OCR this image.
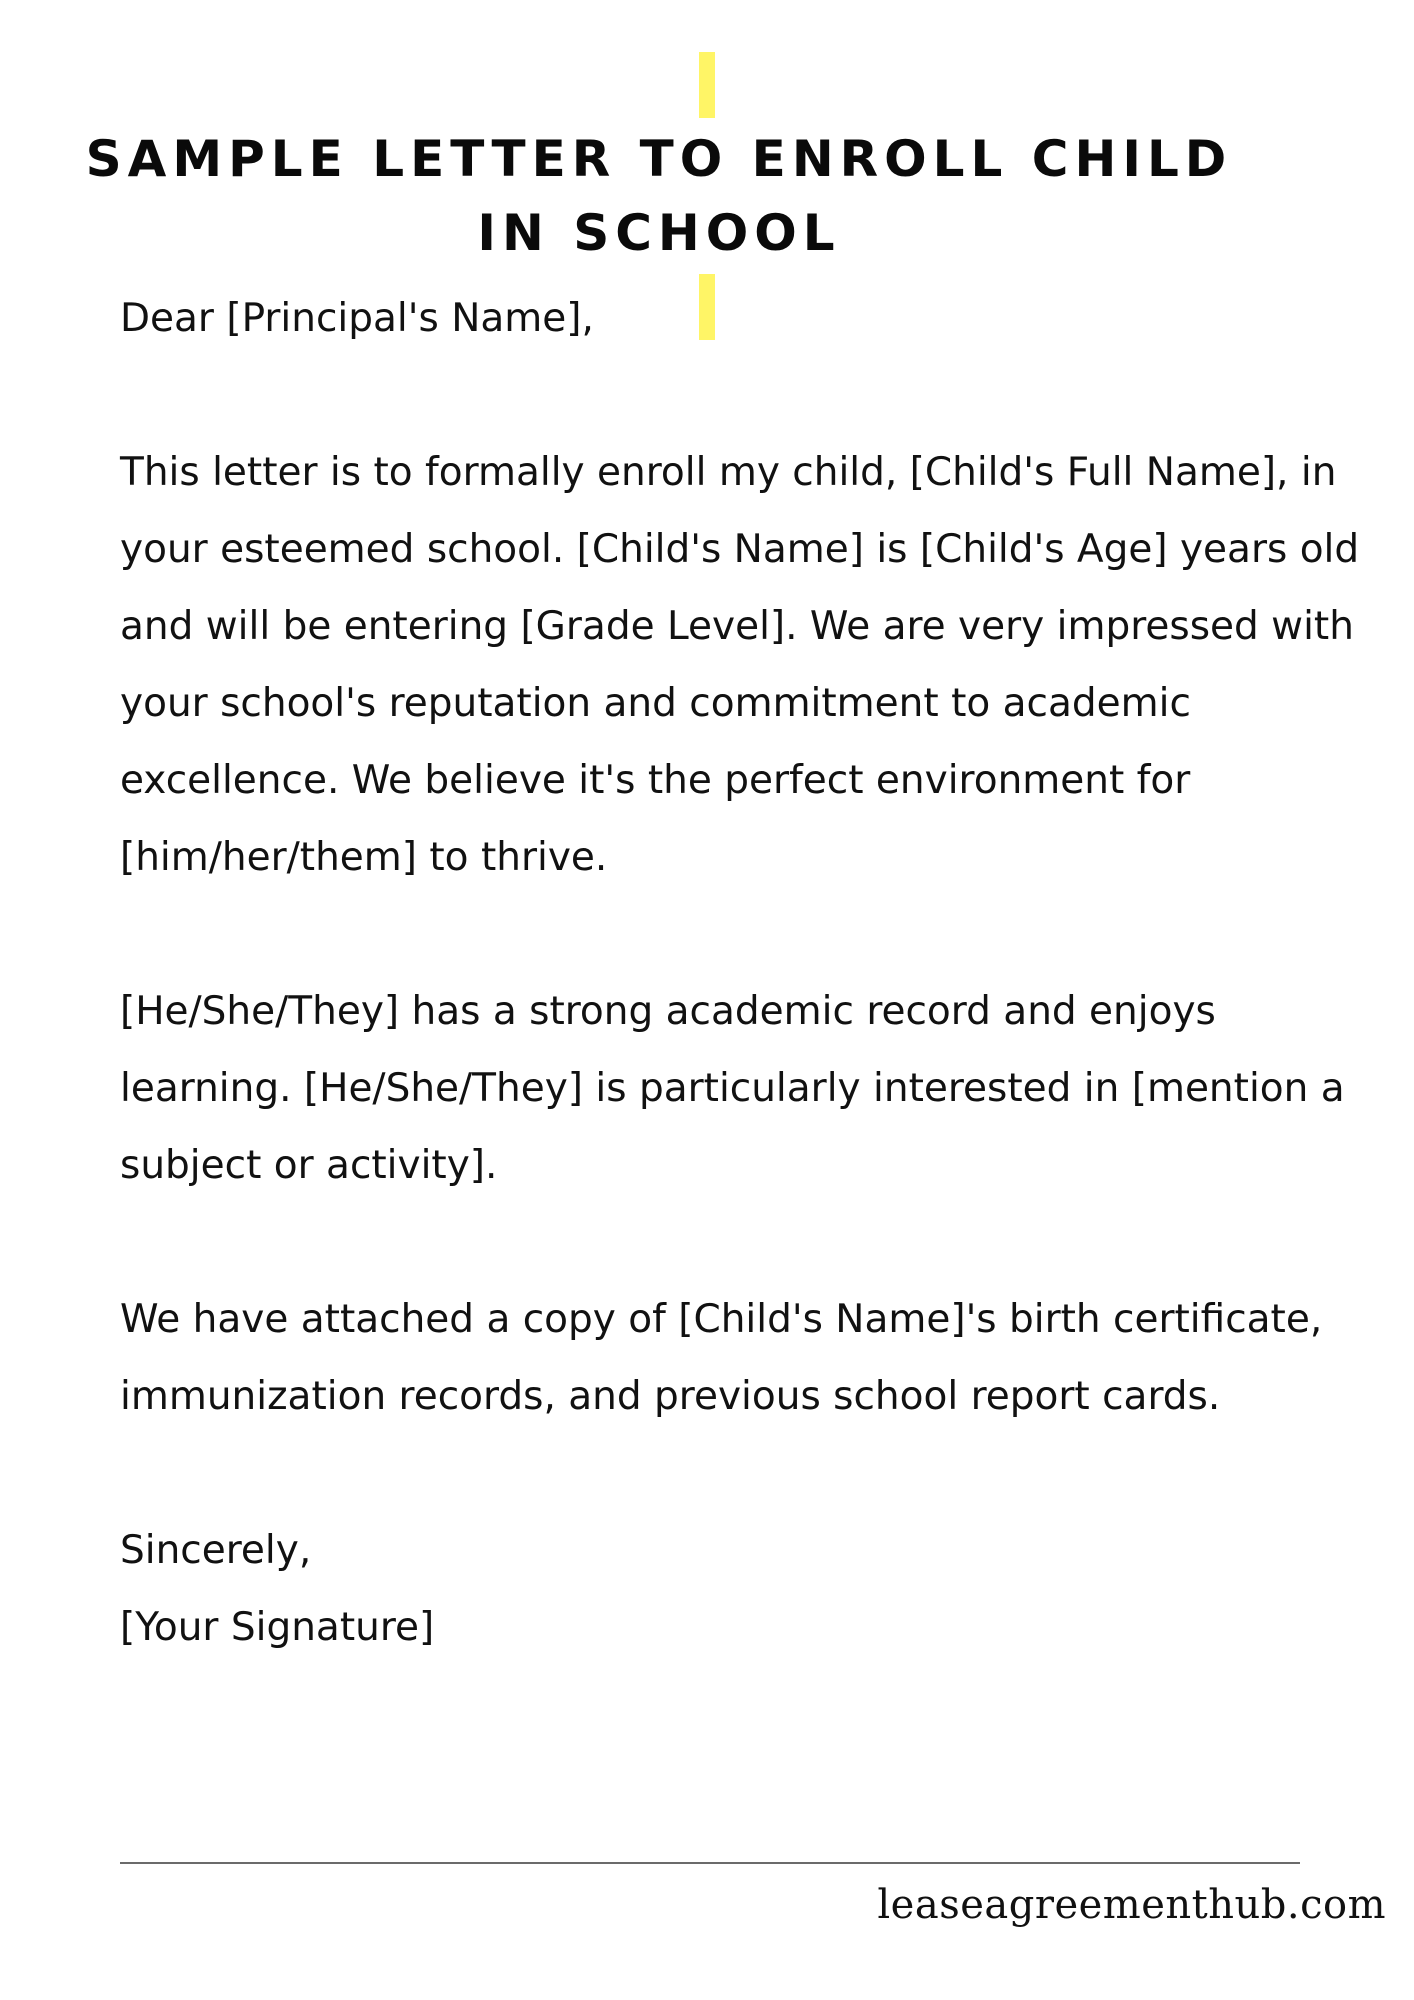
SAMPLE LETTER TO ENROLL CHILD
IN SCHOOL

Dear [Principal's Name],

This letter is to formally enroll my child, [Child's Full Name], in your esteemed school. [Child's Name] is [Child's Age] years old and will be entering [Grade Level]. We are very impressed with your school's reputation and commitment to academic excellence. We believe it's the perfect environment for [him/her/them] to thrive.

[He/She/They] has a strong academic record and enjoys learning. [He/She/They] is particularly interested in [mention a subject or activity].

We have attached a copy of [Child's Name]'s birth certificate, immunization records, and previous school report cards.

Sincerely,

[Your Signature]

leaseagreementhub.com
